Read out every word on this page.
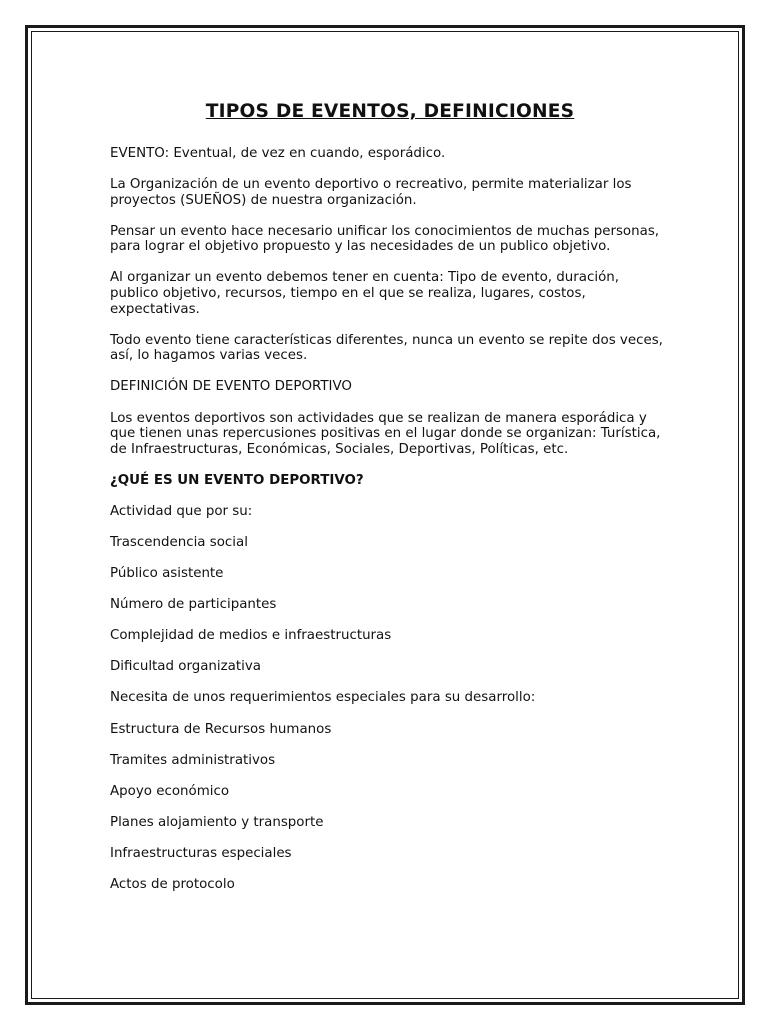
TIPOS DE EVENTOS, DEFINICIONES

EVENTO: Eventual, de vez en cuando, esporádico.

La Organización de un evento deportivo o recreativo, permite materializar los proyectos (SUEÑOS) de nuestra organización.

Pensar un evento hace necesario unificar los conocimientos de muchas personas, para lograr el objetivo propuesto y las necesidades de un publico objetivo.

Al organizar un evento debemos tener en cuenta: Tipo de evento, duración, publico objetivo, recursos, tiempo en el que se realiza, lugares, costos, expectativas.

Todo evento tiene características diferentes, nunca un evento se repite dos veces, así, lo hagamos varias veces.

DEFINICIÓN DE EVENTO DEPORTIVO

Los eventos deportivos son actividades que se realizan de manera esporádica y que tienen unas repercusiones positivas en el lugar donde se organizan: Turística, de Infraestructuras, Económicas, Sociales, Deportivas, Políticas, etc.

¿QUÉ ES UN EVENTO DEPORTIVO?

Actividad que por su:

Trascendencia social

Público asistente

Número de participantes

Complejidad de medios e infraestructuras

Dificultad organizativa

Necesita de unos requerimientos especiales para su desarrollo:

Estructura de Recursos humanos

Tramites administrativos

Apoyo económico

Planes alojamiento y transporte

Infraestructuras especiales

Actos de protocolo
